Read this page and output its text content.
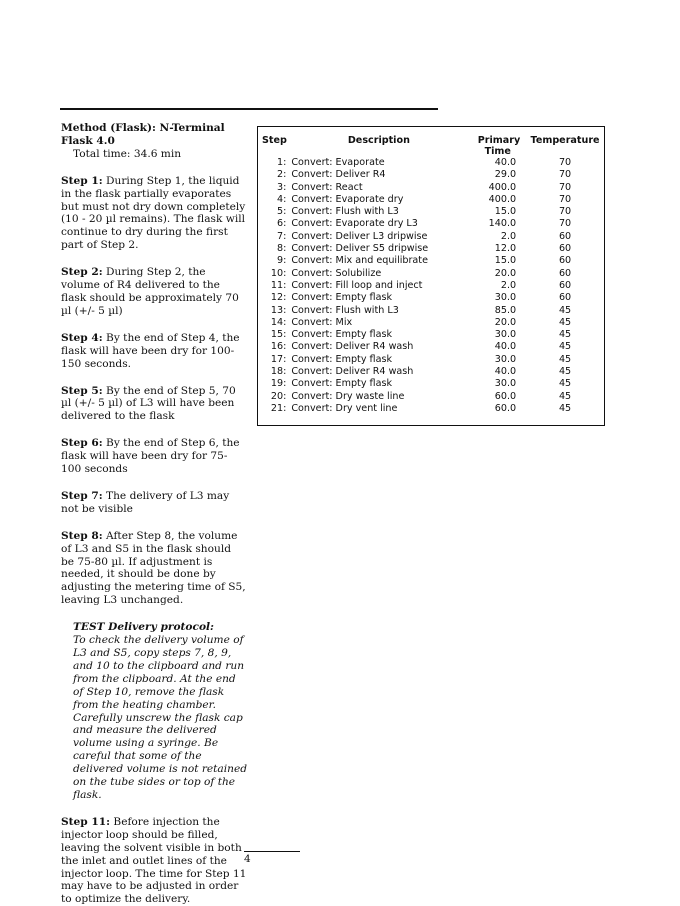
Method (Flask): N-Terminal Flask 4.0

Total time: 34.6 min

Step 1: During Step 1, the liquid in the flask partially evaporates but must not dry down completely (10 - 20 µl remains). The flask will continue to dry during the first part of Step 2.

Step 2: During Step 2, the volume of R4 delivered to the flask should be approximately 70 µl (+/- 5 µl)

Step 4: By the end of Step 4, the flask will have been dry for 100-150 seconds.

Step 5: By the end of Step 5, 70 µl (+/- 5 µl) of L3 will have been delivered to the flask

Step 6: By the end of Step 6, the flask will have been dry for 75-100 seconds

Step 7: The delivery of L3 may not be visible

Step 8: After Step 8, the volume of L3 and S5 in the flask should be 75-80 µl. If adjustment is needed, it should be done by adjusting the metering time of S5, leaving L3 unchanged.

TEST Delivery protocol:
To check the delivery volume of L3 and S5, copy steps 7, 8, 9, and 10 to the clipboard and run from the clipboard. At the end of Step 10, remove the flask from the heating chamber. Carefully unscrew the flask cap and measure the delivered volume using a syringe. Be careful that some of the delivered volume is not retained on the tube sides or top of the flask.

Step 11: Before injection the injector loop should be filled, leaving the solvent visible in both the inlet and outlet lines of the injector loop. The time for Step 11 may have to be adjusted in order to optimize the delivery.

Step	Description	Primary Time	Temperature
1:	Convert: Evaporate	40.0	70
2:	Convert: Deliver R4	29.0	70
3:	Convert: React	400.0	70
4:	Convert: Evaporate dry	400.0	70
5:	Convert: Flush with L3	15.0	70
6:	Convert: Evaporate dry L3	140.0	70
7:	Convert: Deliver L3 dripwise	2.0	60
8:	Convert: Deliver S5 dripwise	12.0	60
9:	Convert: Mix and equilibrate	15.0	60
10:	Convert: Solubilize	20.0	60
11:	Convert: Fill loop and inject	2.0	60
12:	Convert: Empty flask	30.0	60
13:	Convert: Flush with L3	85.0	45
14:	Convert: Mix	20.0	45
15:	Convert: Empty flask	30.0	45
16:	Convert: Deliver R4 wash	40.0	45
17:	Convert: Empty flask	30.0	45
18:	Convert: Deliver R4 wash	40.0	45
19:	Convert: Empty flask	30.0	45
20:	Convert: Dry waste line	60.0	45
21:	Convert: Dry vent line	60.0	45
4
